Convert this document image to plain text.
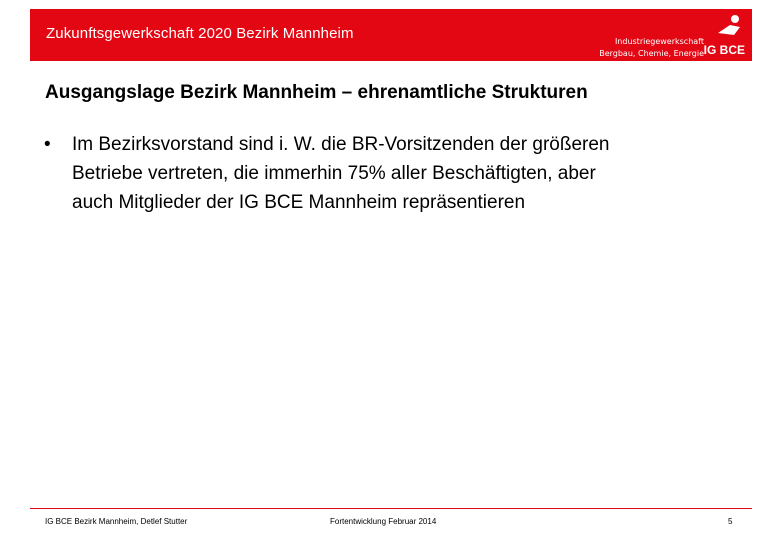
Zukunftsgewerkschaft 2020 Bezirk Mannheim	Industriegewerkschaft
Bergbau, Chemie, Energie IG BCE
Ausgangslage Bezirk Mannheim – ehrenamtliche Strukturen
• Im Bezirksvorstand sind i. W. die BR-Vorsitzenden der größeren
Betriebe vertreten, die immerhin 75% aller Beschäftigten, aber
auch Mitglieder der IG BCE Mannheim repräsentieren
IG BCE Bezirk Mannheim, Detlef Stutter	Fortentwicklung Februar 2014	5
